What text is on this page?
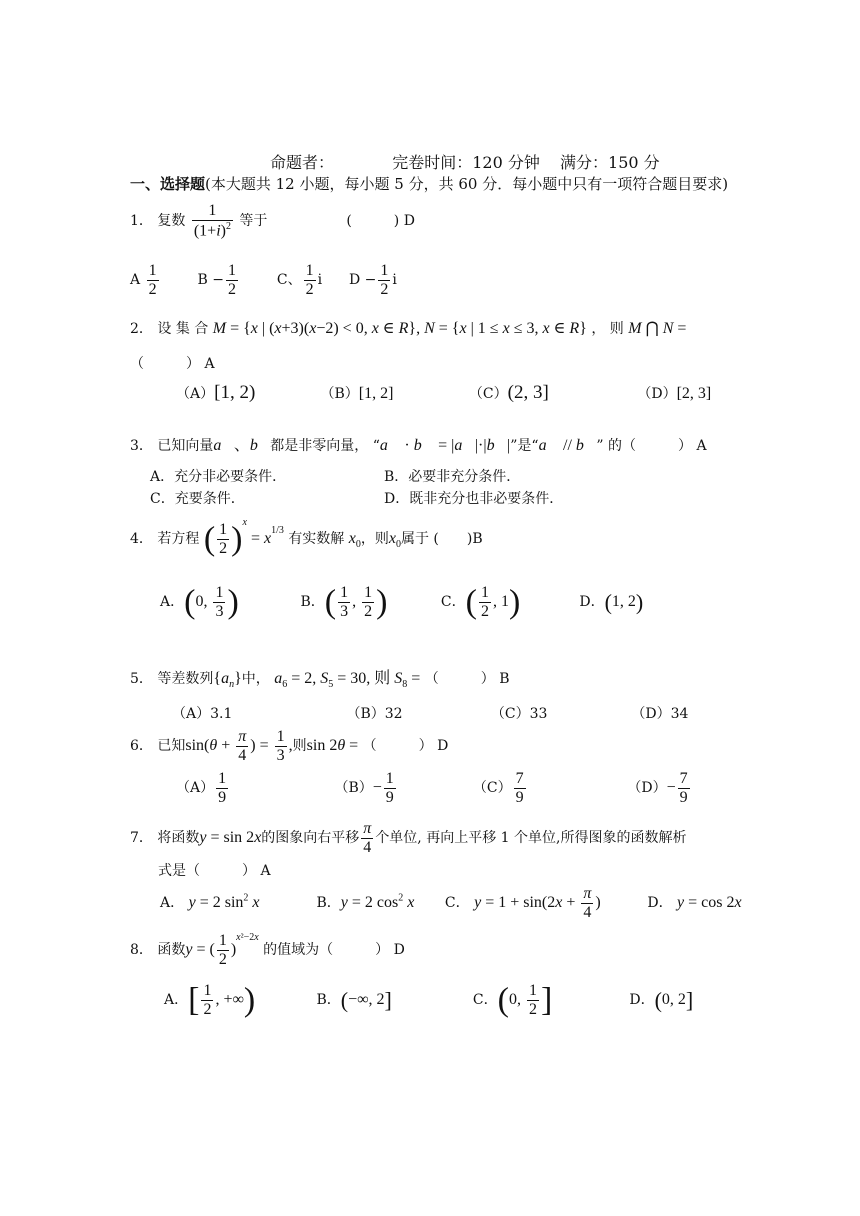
命题者：	完卷时间：120 分钟 满分：150 分
一、选择题(本大题共 12 小题，每小题 5 分，共 60 分．每小题中只有一项符合题目要求)
1． 复数 $\frac{1}{(1+i)^2}$ 等于	(　　　) D
A $\frac{1}{2}$	$B - \frac{1}{2}$	C、 $\frac{1}{2}$ i $D - \frac{1}{2}$ i
2． 设 集 合 M = {x | (x+3)(x−2) < 0, x ∈ R}, N = {x | 1 ≤ x ≤ 3, x ∈ R} ， 则 M ⋂ N =
（　　　） A
（A）[1, 2)	（B）[1, 2]	（C）(2, 3]	（D）[2, 3]
3． 已知向量a⃗、b⃗都是非零向量， “a⃗ · b⃗ = |a⃗|·|b⃗|”是“a⃗ // b⃗” 的（　　　） A
A．充分非必要条件．	B．必要非充分条件．
C．充要条件．	D．既非充分也非必要条件．
4． 若方程 ( $\frac{1}{2} )^x = x^{1/3}$ 有实数解 $x_0$，则$x_0$属于 (　　)B
A．(0, $\frac{1}{3}$ )	B．( $\frac{1}{3}$ , $\frac{1}{2}$ )	C．( $\frac{1}{2}$ , 1)	D．(1, 2)
5． 等差数列$\{a_n\}$中， $a_6 = 2$, $S_5 = 30$, 则 $S_8$ = （　　　） B
（A）3.1	（B）32	（C）33	（D）34
6． 已知$\sin(\theta + \frac{\pi}{4}$ ) = $\frac{1}{3}$ ,则sin 2θ = （　　　） D
$(A) \frac{1}{9}$	$(B)- \frac{1}{9}$	$(C) \frac{7}{9}$	$(D)- \frac{7}{9}$
7． 将函数y = sin 2x的图象向右平移 $\frac{\pi}{4}$ 个单位, 再向上平移 1 个单位,所得图象的函数解析
式是（　　　） A
A． y = 2 $\sin^2 x$	B．y = 2 $\cos^2 x$ C． $y = 1 + \sin(2x + \frac{\pi}{4}$ )	D． y = cos 2x
8． 函数y = ( $\frac{1}{2} )^{x^2-2x}$ 的值域为（　　　） D
A．[ $\frac{1}{2}$ , +∞)	B．(−∞, 2]	C．(0, $\frac{1}{2}$ ]	D．(0, 2]
